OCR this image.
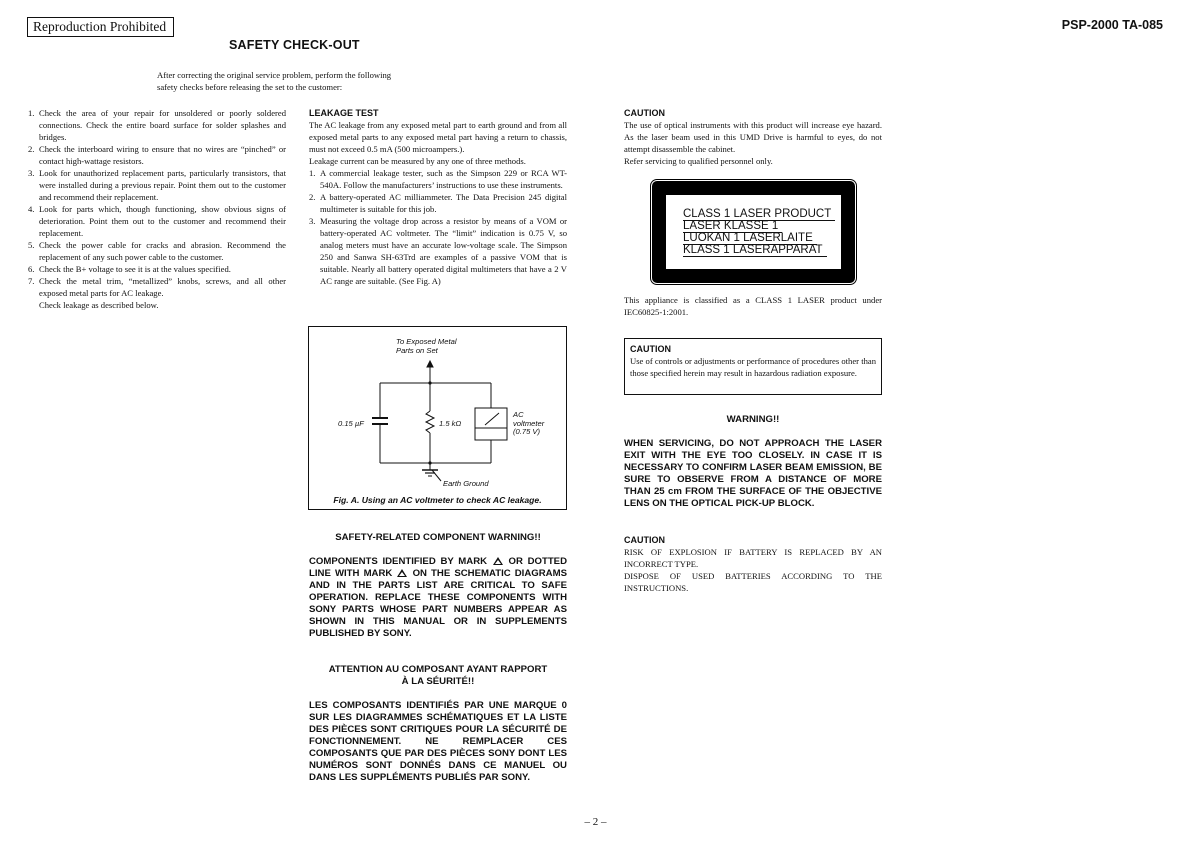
Reproduction Prohibited	PSP-2000 TA-085
SAFETY CHECK-OUT
After correcting the original service problem, perform the following
safety checks before releasing the set to the customer:
1. Check the area of your repair for unsoldered or poorly soldered connections. Check the entire board surface for solder splashes and bridges.
2. Check the interboard wiring to ensure that no wires are “pinched” or contact high-wattage resistors.
3. Look for unauthorized replacement parts, particularly transistors, that were installed during a previous repair. Point them out to the customer and recommend their replacement.
4. Look for parts which, though functioning, show obvious signs of deterioration. Point them out to the customer and recommend their replacement.
5. Check the power cable for cracks and abrasion. Recommend the replacement of any such power cable to the customer.
6. Check the B+ voltage to see it is at the values specified.
7. Check the metal trim, “metallized” knobs, screws, and all other exposed metal parts for AC leakage.
Check leakage as described below.
LEAKAGE TEST
The AC leakage from any exposed metal part to earth ground and from all exposed metal parts to any exposed metal part having a return to chassis, must not exceed 0.5 mA (500 microampers.).
Leakage current can be measured by any one of three methods.
1. A commercial leakage tester, such as the Simpson 229 or RCA WT-540A. Follow the manufacturers’ instructions to use these instruments.
2. A battery-operated AC milliammeter. The Data Precision 245 digital multimeter is suitable for this job.
3. Measuring the voltage drop across a resistor by means of a VOM or battery-operated AC voltmeter. The “limit” indication is 0.75 V, so analog meters must have an accurate low-voltage scale. The Simpson 250 and Sanwa SH-63Trd are examples of a passive VOM that is suitable. Nearly all battery operated digital multimeters that have a 2 V AC range are suitable. (See Fig. A)
To Exposed Metal
Parts on Set
0.15 µF	1.5 kΩ
AC
voltmeter
(0.75 V)
Earth Ground
Fig. A. Using an AC voltmeter to check AC leakage.
SAFETY-RELATED COMPONENT WARNING!!
COMPONENTS IDENTIFIED BY MARK OR DOTTED LINE WITH MARK ON THE SCHEMATIC DIAGRAMS AND IN THE PARTS LIST ARE CRITICAL TO SAFE OPERATION. REPLACE THESE COMPONENTS WITH SONY PARTS WHOSE PART NUMBERS APPEAR AS SHOWN IN THIS MANUAL OR IN SUPPLEMENTS PUBLISHED BY SONY.
ATTENTION AU COMPOSANT AYANT RAPPORT
À LA SÉURITÉ!!
LES COMPOSANTS IDENTIFIÉS PAR UNE MARQUE 0 SUR LES DIAGRAMMES SCHÉMATIQUES ET LA LISTE DES PIÈCES SONT CRITIQUES POUR LA SÉCURITÉ DE FONCTIONNEMENT. NE REMPLACER CES COMPOSANTS QUE PAR DES PIÈCES SONY DONT LES NUMÉROS SONT DONNÉS DANS CE MANUEL OU DANS LES SUPPLÉMENTS PUBLIÉS PAR SONY.
CAUTION
The use of optical instruments with this product will increase eye hazard. As the laser beam used in this UMD Drive is harmful to eyes, do not attempt disassemble the cabinet.
Refer servicing to qualified personnel only.
CLASS 1 LASER PRODUCT
LASER KLASSE 1
LUOKAN 1 LASERLAITE
KLASS 1 LASERAPPARAT
This appliance is classified as a CLASS 1 LASER product under IEC60825-1:2001.
CAUTION
Use of controls or adjustments or performance of procedures other than those specified herein may result in hazardous radiation exposure.
WARNING!!
WHEN SERVICING, DO NOT APPROACH THE LASER EXIT WITH THE EYE TOO CLOSELY. IN CASE IT IS NECESSARY TO CONFIRM LASER BEAM EMISSION, BE SURE TO OBSERVE FROM A DISTANCE OF MORE THAN 25 cm FROM THE SURFACE OF THE OBJECTIVE LENS ON THE OPTICAL PICK-UP BLOCK.
CAUTION
RISK OF EXPLOSION IF BATTERY IS REPLACED BY AN INCORRECT TYPE.
DISPOSE OF USED BATTERIES ACCORDING TO THE INSTRUCTIONS.
– 2 –
